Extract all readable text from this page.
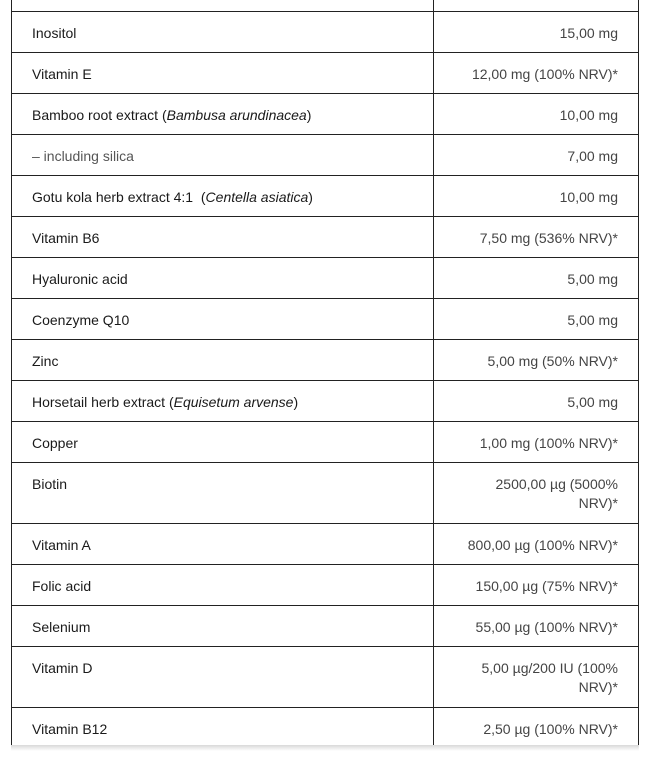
Inositol	15,00 mg
Vitamin E	12,00 mg (100% NRV)*
Bamboo root extract (Bambusa arundinacea)	10,00 mg
– including silica	7,00 mg
Gotu kola herb extract 4:1  (Centella asiatica)	10,00 mg
Vitamin B6	7,50 mg (536% NRV)*
Hyaluronic acid	5,00 mg
Coenzyme Q10	5,00 mg
Zinc	5,00 mg (50% NRV)*
Horsetail herb extract (Equisetum arvense)	5,00 mg
Copper	1,00 mg (100% NRV)*
Biotin	2500,00 µg (5000% NRV)*
Vitamin A	800,00 µg (100% NRV)*
Folic acid	150,00 µg (75% NRV)*
Selenium	55,00 µg (100% NRV)*
Vitamin D	5,00 µg/200 IU (100% NRV)*
Vitamin B12	2,50 µg (100% NRV)*
